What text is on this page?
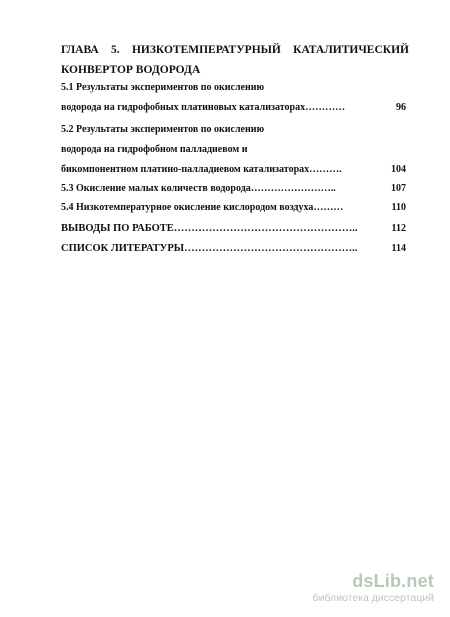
ГЛАВА 5. НИЗКОТЕМПЕРАТУРНЫЙ КАТАЛИТИЧЕСКИЙ
КОНВЕРТОР ВОДОРОДА
5.1 Результаты экспериментов по окислению
водорода на гидрофобных платиновых катализаторах…………	96
5.2 Результаты экспериментов по окислению
водорода на гидрофобном палладиевом и
бикомпонентном платино-палладиевом катализаторах……….	104
5.3 Окисление малых количеств водорода……………………..	107
5.4 Низкотемпературное окисление кислородом воздуха………	110
ВЫВОДЫ ПО РАБОТЕ……………………………………………..	112
СПИСОК ЛИТЕРАТУРЫ…………………………………………..	114
dsLib.net
библиотека диссертаций
